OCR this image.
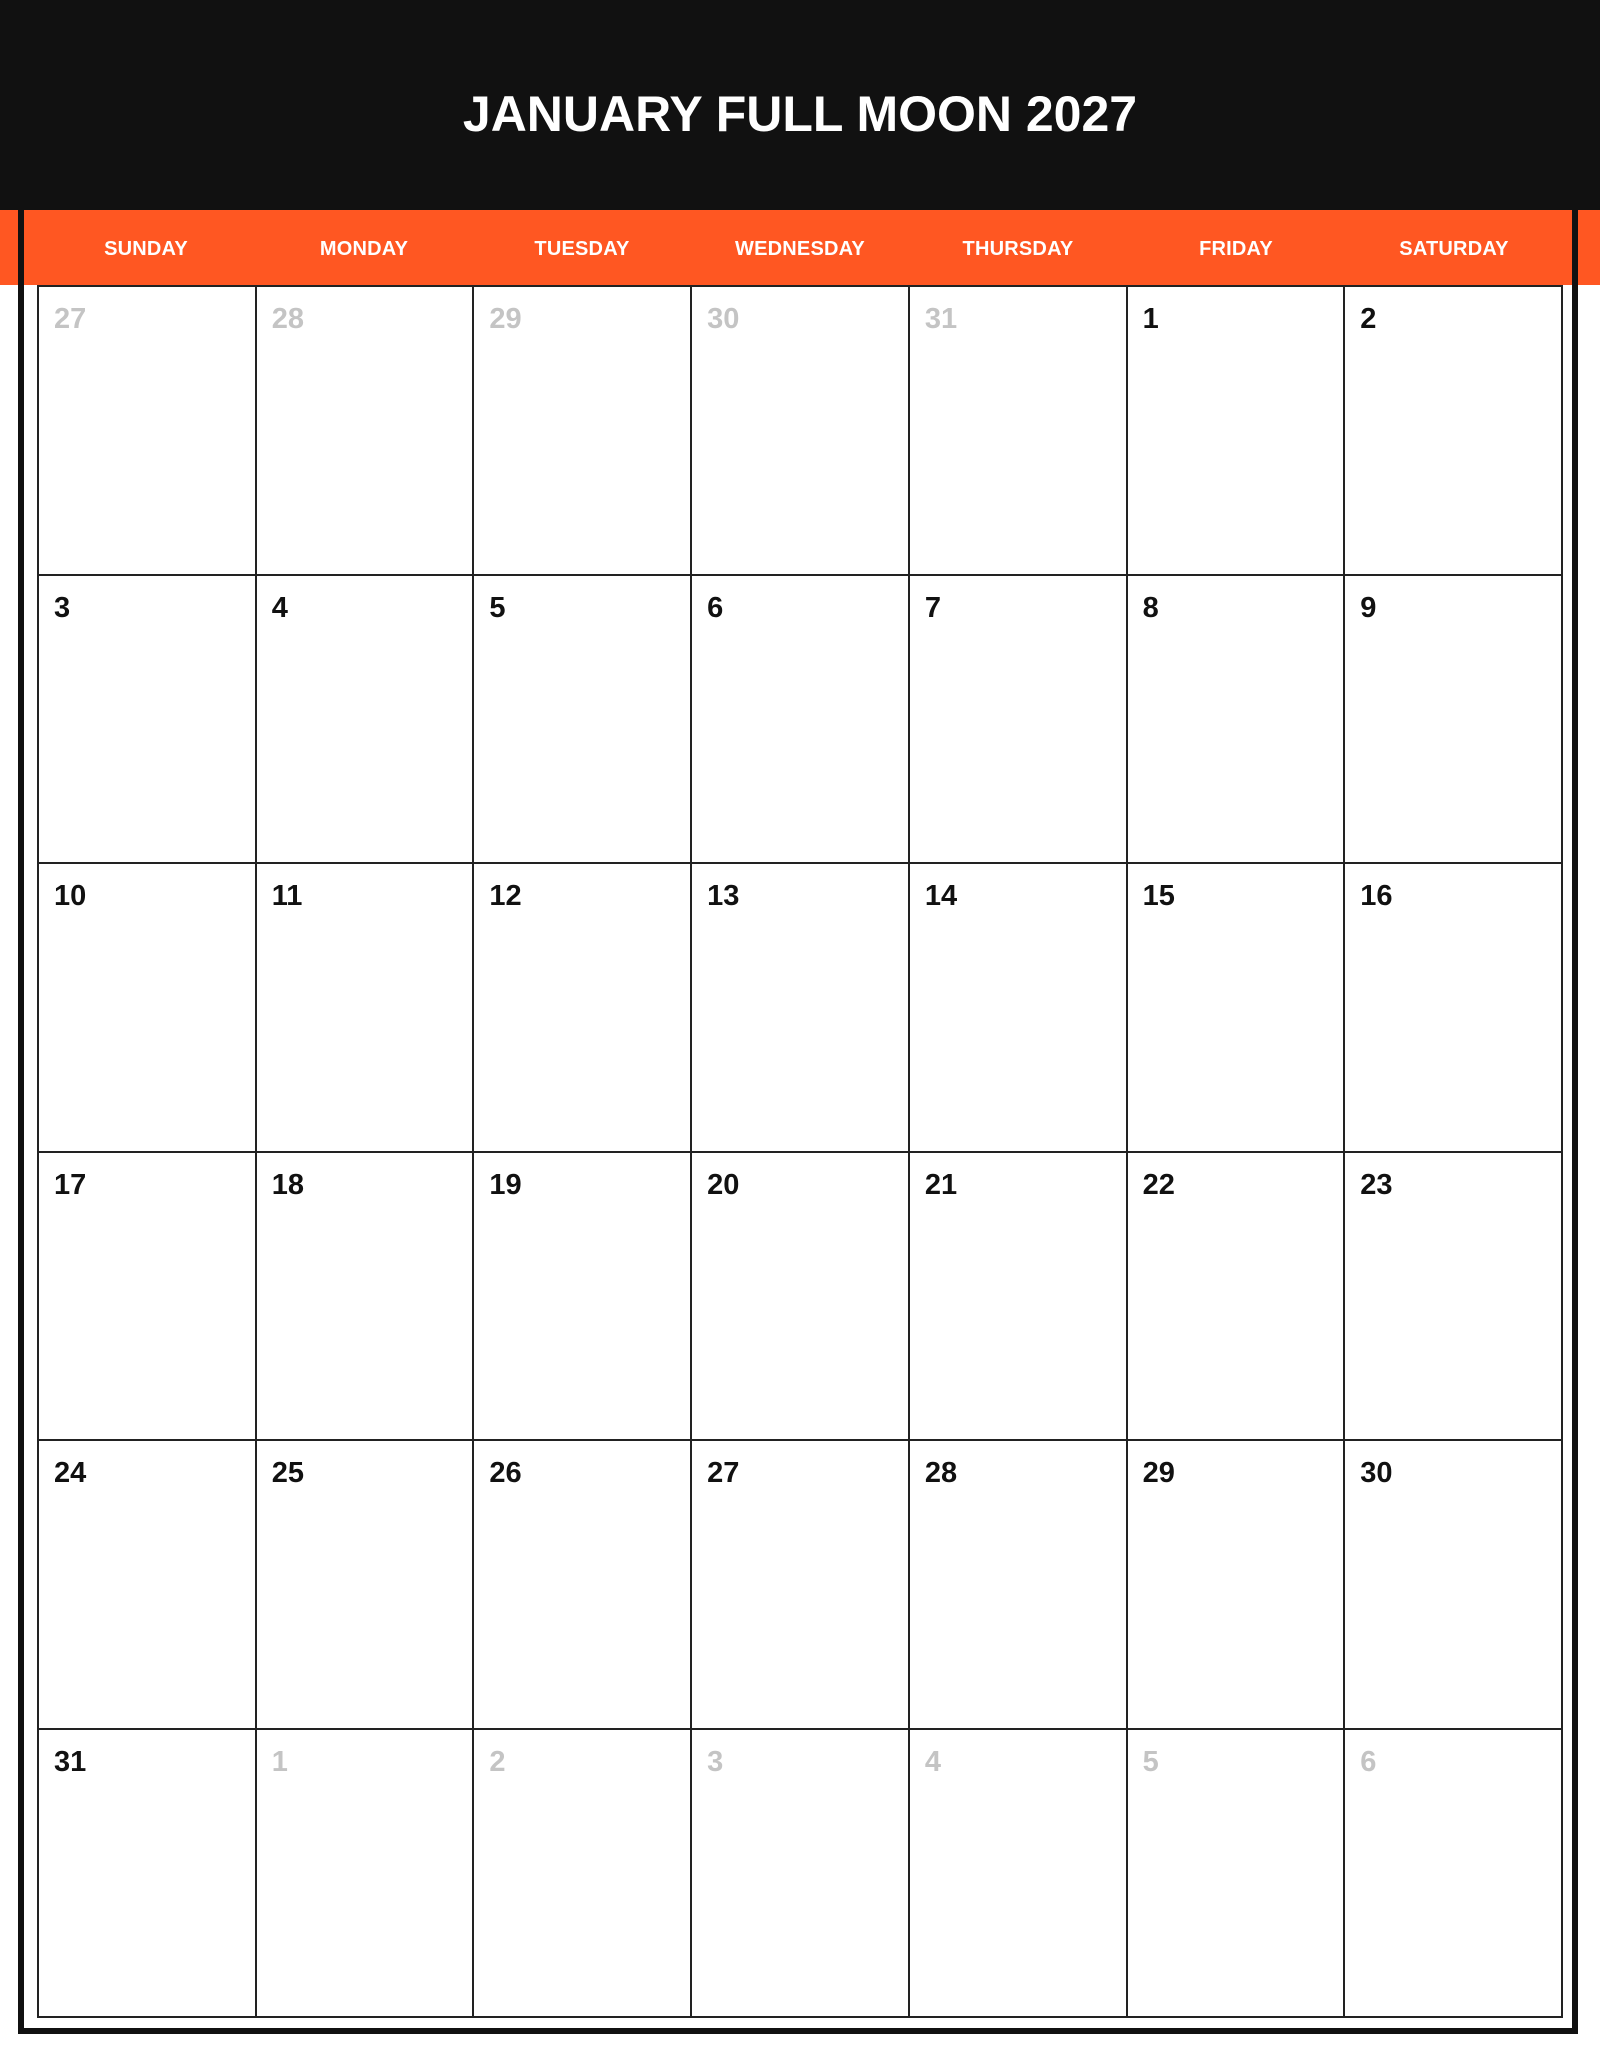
JANUARY FULL MOON 2027
SUNDAY	MONDAY	TUESDAY	WEDNESDAY	THURSDAY	FRIDAY	SATURDAY
27	28	29	30	31	1	2
3	4	5	6	7	8	9
10	11	12	13	14	15	16
17	18	19	20	21	22	23
24	25	26	27	28	29	30
31	1	2	3	4	5	6
